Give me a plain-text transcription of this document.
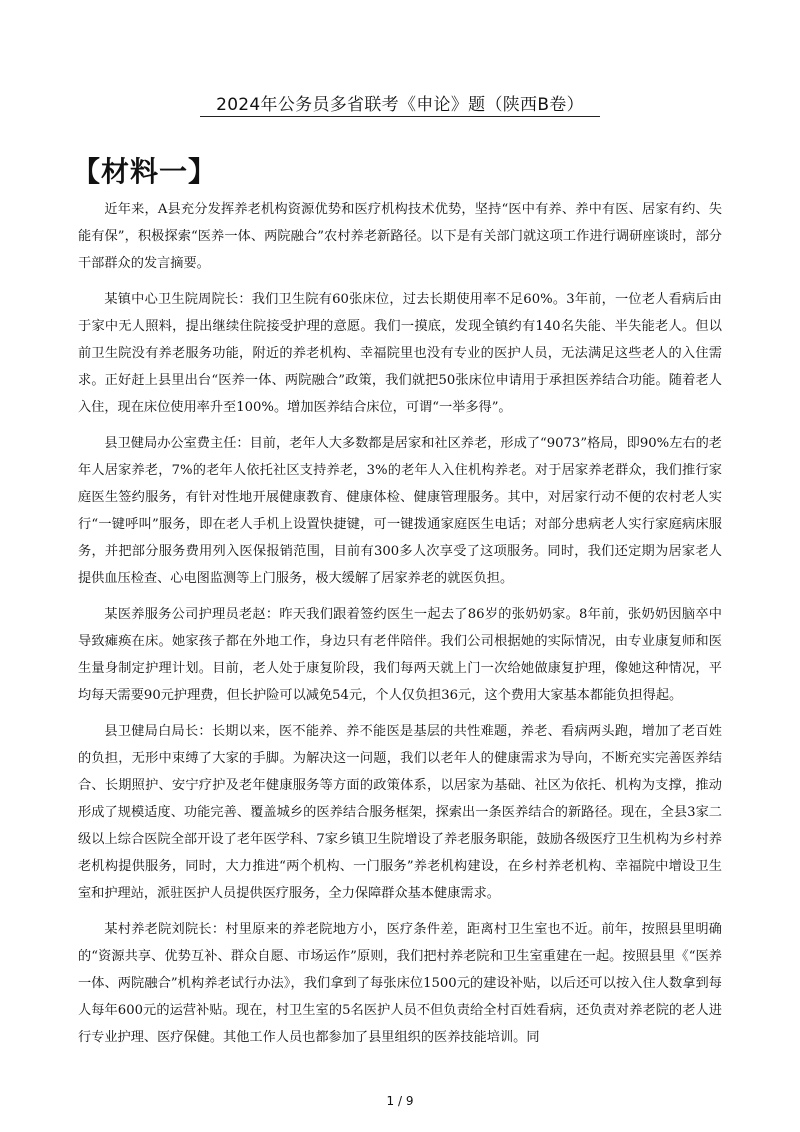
2024年公务员多省联考《申论》题（陕西B卷）
【材料一】

近年来，A县充分发挥养老机构资源优势和医疗机构技术优势，坚持“医中有养、养中有医、居家有约、失能有保”，积极探索“医养一体、两院融合”农村养老新路径。以下是有关部门就这项工作进行调研座谈时，部分干部群众的发言摘要。

某镇中心卫生院周院长：我们卫生院有60张床位，过去长期使用率不足60%。3年前，一位老人看病后由于家中无人照料，提出继续住院接受护理的意愿。我们一摸底，发现全镇约有140名失能、半失能老人。但以前卫生院没有养老服务功能，附近的养老机构、幸福院里也没有专业的医护人员，无法满足这些老人的入住需求。正好赶上县里出台“医养一体、两院融合”政策，我们就把50张床位申请用于承担医养结合功能。随着老人入住，现在床位使用率升至100%。增加医养结合床位，可谓“一举多得”。

县卫健局办公室费主任：目前，老年人大多数都是居家和社区养老，形成了“9073”格局，即90%左右的老年人居家养老，7%的老年人依托社区支持养老，3%的老年人入住机构养老。对于居家养老群众，我们推行家庭医生签约服务，有针对性地开展健康教育、健康体检、健康管理服务。其中，对居家行动不便的农村老人实行“一键呼叫”服务，即在老人手机上设置快捷键，可一键拨通家庭医生电话；对部分患病老人实行家庭病床服务，并把部分服务费用列入医保报销范围，目前有300多人次享受了这项服务。同时，我们还定期为居家老人提供血压检查、心电图监测等上门服务，极大缓解了居家养老的就医负担。

某医养服务公司护理员老赵：昨天我们跟着签约医生一起去了86岁的张奶奶家。8年前，张奶奶因脑卒中导致瘫痪在床。她家孩子都在外地工作，身边只有老伴陪伴。我们公司根据她的实际情况，由专业康复师和医生量身制定护理计划。目前，老人处于康复阶段，我们每两天就上门一次给她做康复护理，像她这种情况，平均每天需要90元护理费，但长护险可以减免54元，个人仅负担36元，这个费用大家基本都能负担得起。

县卫健局白局长：长期以来，医不能养、养不能医是基层的共性难题，养老、看病两头跑，增加了老百姓的负担，无形中束缚了大家的手脚。为解决这一问题，我们以老年人的健康需求为导向，不断充实完善医养结合、长期照护、安宁疗护及老年健康服务等方面的政策体系，以居家为基础、社区为依托、机构为支撑，推动形成了规模适度、功能完善、覆盖城乡的医养结合服务框架，探索出一条医养结合的新路径。现在，全县3家二级以上综合医院全部开设了老年医学科、7家乡镇卫生院增设了养老服务职能，鼓励各级医疗卫生机构为乡村养老机构提供服务，同时，大力推进“两个机构、一门服务”养老机构建设，在乡村养老机构、幸福院中增设卫生室和护理站，派驻医护人员提供医疗服务，全力保障群众基本健康需求。

某村养老院刘院长：村里原来的养老院地方小，医疗条件差，距离村卫生室也不近。前年，按照县里明确的“资源共享、优势互补、群众自愿、市场运作”原则，我们把村养老院和卫生室重建在一起。按照县里《“医养一体、两院融合”机构养老试行办法》，我们拿到了每张床位1500元的建设补贴，以后还可以按入住人数拿到每人每年600元的运营补贴。现在，村卫生室的5名医护人员不但负责给全村百姓看病，还负责对养老院的老人进行专业护理、医疗保健。其他工作人员也都参加了县里组织的医养技能培训。同

1 / 9
